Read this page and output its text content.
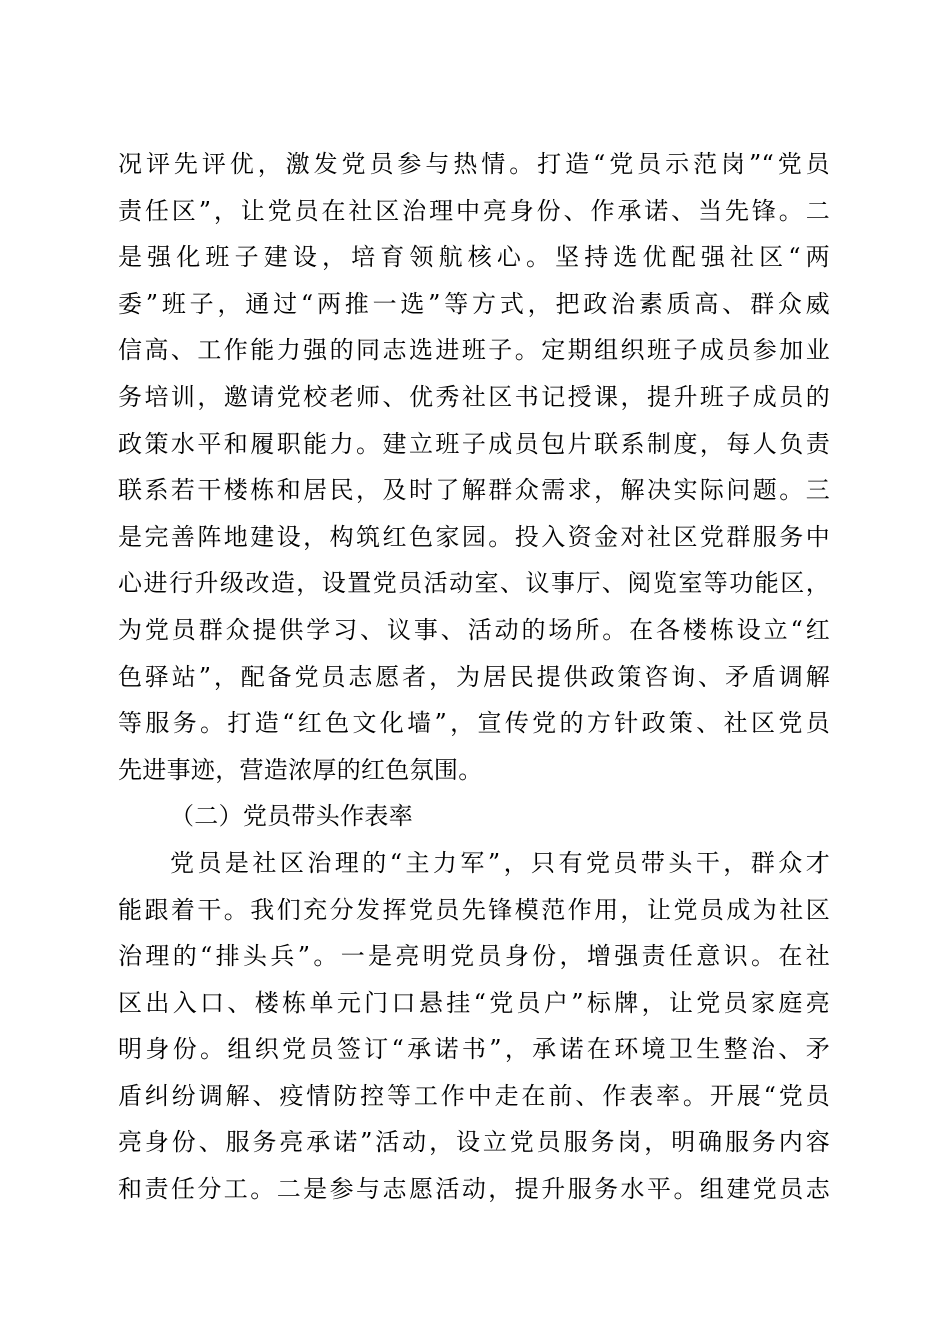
况评先评优，激发党员参与热情。打造“党员示范岗”“党员
责任区”，让党员在社区治理中亮身份、作承诺、当先锋。二
是强化班子建设，培育领航核心。坚持选优配强社区“两
委”班子，通过“两推一选”等方式，把政治素质高、群众威
信高、工作能力强的同志选进班子。定期组织班子成员参加业
务培训，邀请党校老师、优秀社区书记授课，提升班子成员的
政策水平和履职能力。建立班子成员包片联系制度，每人负责
联系若干楼栋和居民，及时了解群众需求，解决实际问题。三
是完善阵地建设，构筑红色家园。投入资金对社区党群服务中
心进行升级改造，设置党员活动室、议事厅、阅览室等功能区，
为党员群众提供学习、议事、活动的场所。在各楼栋设立“红
色驿站”，配备党员志愿者，为居民提供政策咨询、矛盾调解
等服务。打造“红色文化墙”，宣传党的方针政策、社区党员
先进事迹，营造浓厚的红色氛围。
（二）党员带头作表率
党员是社区治理的“主力军”，只有党员带头干，群众才
能跟着干。我们充分发挥党员先锋模范作用，让党员成为社区
治理的“排头兵”。一是亮明党员身份，增强责任意识。在社
区出入口、楼栋单元门口悬挂“党员户”标牌，让党员家庭亮
明身份。组织党员签订“承诺书”，承诺在环境卫生整治、矛
盾纠纷调解、疫情防控等工作中走在前、作表率。开展“党员
亮身份、服务亮承诺”活动，设立党员服务岗，明确服务内容
和责任分工。二是参与志愿活动，提升服务水平。组建党员志
